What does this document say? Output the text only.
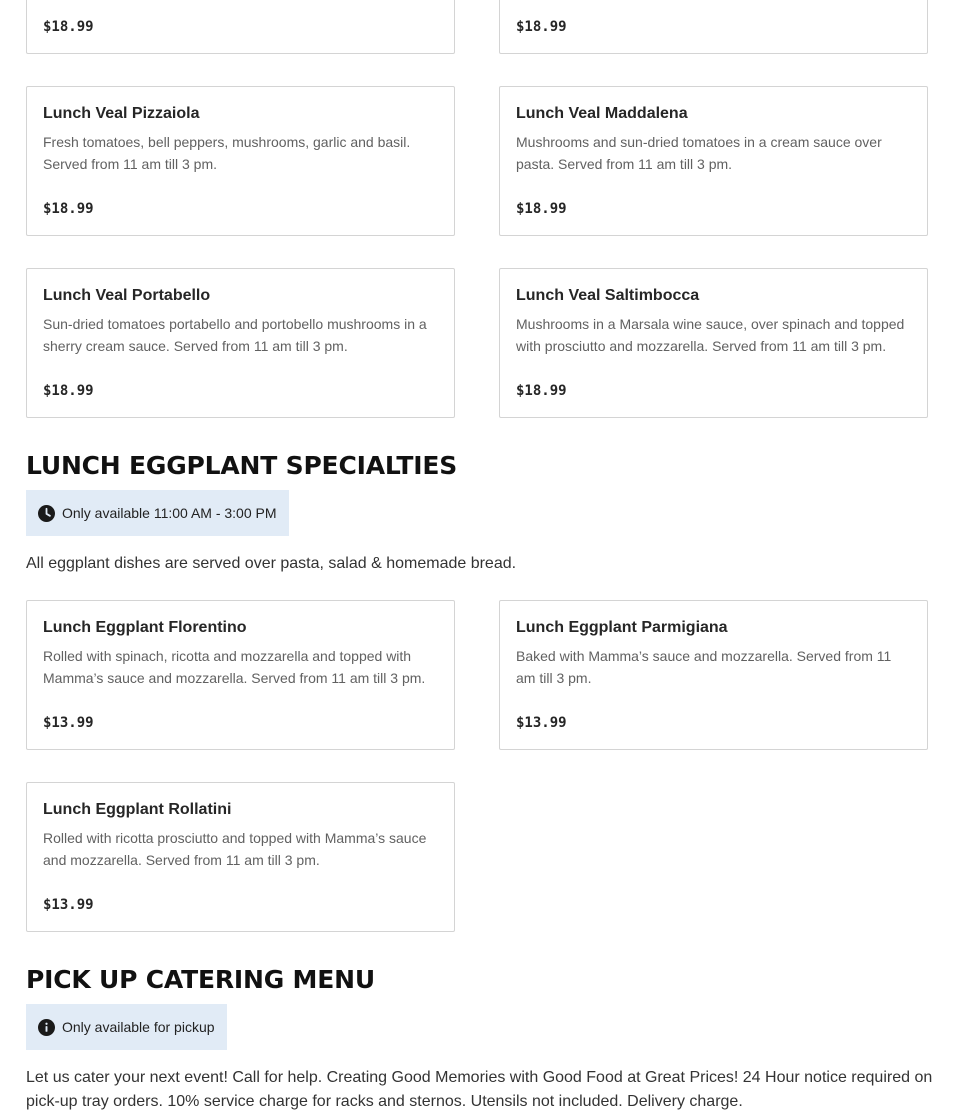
$18.99	$18.99
Lunch Veal Pizzaiola
Fresh tomatoes, bell peppers, mushrooms, garlic and basil. Served from 11 am till 3 pm.
$18.99
Lunch Veal Maddalena
Mushrooms and sun-dried tomatoes in a cream sauce over pasta. Served from 11 am till 3 pm.
$18.99
Lunch Veal Portabello
Sun-dried tomatoes portabello and portobello mushrooms in a sherry cream sauce. Served from 11 am till 3 pm.
$18.99
Lunch Veal Saltimbocca
Mushrooms in a Marsala wine sauce, over spinach and topped with prosciutto and mozzarella. Served from 11 am till 3 pm.
$18.99
LUNCH EGGPLANT SPECIALTIES
Only available 11:00 AM - 3:00 PM

All eggplant dishes are served over pasta, salad & homemade bread.

Lunch Eggplant Florentino
Rolled with spinach, ricotta and mozzarella and topped with Mamma’s sauce and mozzarella. Served from 11 am till 3 pm.
$13.99
Lunch Eggplant Parmigiana
Baked with Mamma’s sauce and mozzarella. Served from 11 am till 3 pm.
$13.99
Lunch Eggplant Rollatini
Rolled with ricotta prosciutto and topped with Mamma’s sauce and mozzarella. Served from 11 am till 3 pm.
$13.99
PICK UP CATERING MENU
Only available for pickup

Let us cater your next event! Call for help. Creating Good Memories with Good Food at Great Prices! 24 Hour notice required on pick-up tray orders. 10% service charge for racks and sternos. Utensils not included. Delivery charge.
